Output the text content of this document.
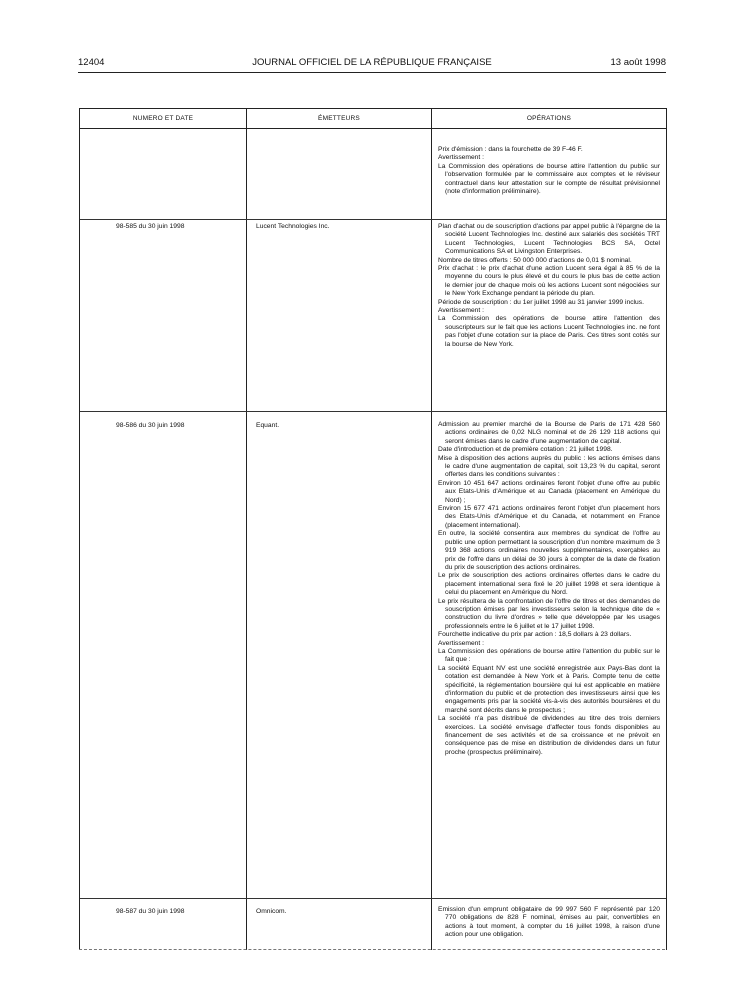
12404	JOURNAL OFFICIEL DE LA RÉPUBLIQUE FRANÇAISE	13 août 1998
NUMERO ET DATE	ÉMETTEURS	OPÉRATIONS

Prix d'émission : dans la fourchette de 39 F-46 F.

Avertissement :

La Commission des opérations de bourse attire l'attention du public sur l'observation formulée par le commissaire aux comptes et le réviseur contractuel dans leur attestation sur le compte de résultat prévisionnel (note d'information préliminaire).

98-585 du 30 juin 1998	Lucent Technologies Inc.	Plan d'achat ou de souscription d'actions par appel public à l'épargne de la société Lucent Technologies Inc. destiné aux salariés des sociétés TRT Lucent Technologies, Lucent Technologies BCS SA, Octel Communications SA et Livingston Enterprises.

Nombre de titres offerts : 50 000 000 d'actions de 0,01 $ nominal.

Prix d'achat : le prix d'achat d'une action Lucent sera égal à 85 % de la moyenne du cours le plus élevé et du cours le plus bas de cette action le dernier jour de chaque mois où les actions Lucent sont négociées sur le New York Exchange pendant la période du plan.

Période de souscription : du 1er juillet 1998 au 31 janvier 1999 inclus.

Avertissement :

La Commission des opérations de bourse attire l'attention des souscripteurs sur le fait que les actions Lucent Technologies inc. ne font pas l'objet d'une cotation sur la place de Paris. Ces titres sont cotés sur la bourse de New York.

98-586 du 30 juin 1998	Equant.	Admission au premier marché de la Bourse de Paris de 171 428 560 actions ordinaires de 0,02 NLG nominal et de 26 129 118 actions qui seront émises dans le cadre d'une augmentation de capital.

Date d'introduction et de première cotation : 21 juillet 1998.

Mise à disposition des actions auprès du public : les actions émises dans le cadre d'une augmentation de capital, soit 13,23 % du capital, seront offertes dans les conditions suivantes :

Environ 10 451 647 actions ordinaires feront l'objet d'une offre au public aux Etats-Unis d'Amérique et au Canada (placement en Amérique du Nord) ;

Environ 15 677 471 actions ordinaires feront l'objet d'un placement hors des Etats-Unis d'Amérique et du Canada, et notamment en France (placement international).

En outre, la société consentira aux membres du syndicat de l'offre au public une option permettant la souscription d'un nombre maximum de 3 919 368 actions ordinaires nouvelles supplémentaires, exerçables au prix de l'offre dans un délai de 30 jours à compter de la date de fixation du prix de souscription des actions ordinaires.

Le prix de souscription des actions ordinaires offertes dans le cadre du placement international sera fixé le 20 juillet 1998 et sera identique à celui du placement en Amérique du Nord.

Le prix résultera de la confrontation de l'offre de titres et des demandes de souscription émises par les investisseurs selon la technique dite de « construction du livre d'ordres » telle que développée par les usages professionnels entre le 6 juillet et le 17 juillet 1998.

Fourchette indicative du prix par action : 18,5 dollars à 23 dollars.

Avertissement :

La Commission des opérations de bourse attire l'attention du public sur le fait que :

La société Equant NV est une société enregistrée aux Pays-Bas dont la cotation est demandée à New York et à Paris. Compte tenu de cette spécificité, la réglementation boursière qui lui est applicable en matière d'information du public et de protection des investisseurs ainsi que les engagements pris par la société vis-à-vis des autorités boursières et du marché sont décrits dans le prospectus ;

La société n'a pas distribué de dividendes au titre des trois derniers exercices. La société envisage d'affecter tous fonds disponibles au financement de ses activités et de sa croissance et ne prévoit en conséquence pas de mise en distribution de dividendes dans un futur proche (prospectus préliminaire).

98-587 du 30 juin 1998	Omnicom.	Emission d'un emprunt obligataire de 99 997 560 F représenté par 120 770 obligations de 828 F nominal, émises au pair, convertibles en actions à tout moment, à compter du 16 juillet 1998, à raison d'une action pour une obligation.
